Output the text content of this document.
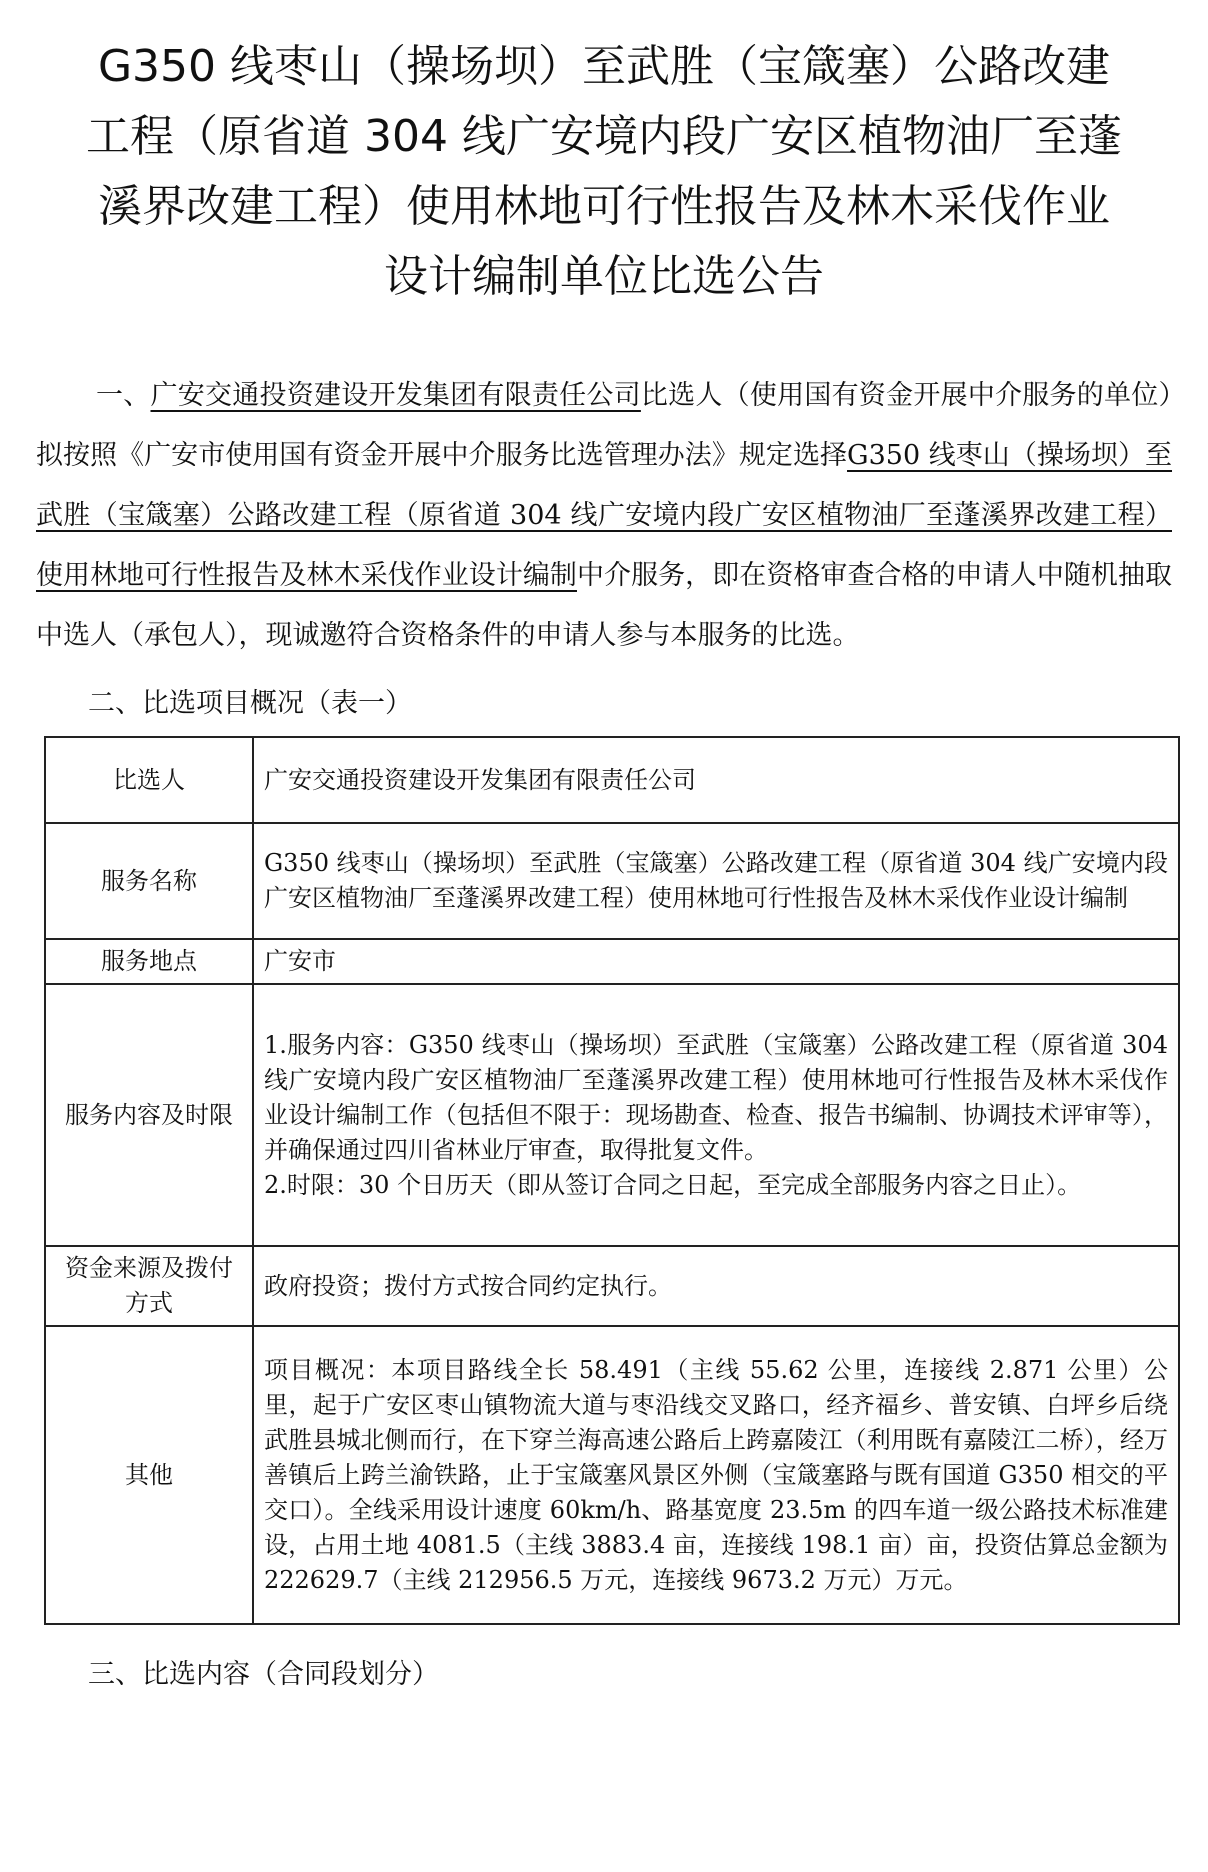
G350 线枣山（操场坝）至武胜（宝箴塞）公路改建
工程（原省道 304 线广安境内段广安区植物油厂至蓬
溪界改建工程）使用林地可行性报告及林木采伐作业
设计编制单位比选公告

一、广安交通投资建设开发集团有限责任公司比选人（使用国有资金开展中介服务的单位）拟按照《广安市使用国有资金开展中介服务比选管理办法》规定选择G350 线枣山（操场坝）至武胜（宝箴塞）公路改建工程（原省道 304 线广安境内段广安区植物油厂至蓬溪界改建工程）使用林地可行性报告及林木采伐作业设计编制中介服务，即在资格审查合格的申请人中随机抽取中选人（承包人），现诚邀符合资格条件的申请人参与本服务的比选。

二、比选项目概况（表一）
比选人	广安交通投资建设开发集团有限责任公司
服务名称	G350 线枣山（操场坝）至武胜（宝箴塞）公路改建工程（原省道 304 线广安境内段广安区植物油厂至蓬溪界改建工程）使用林地可行性报告及林木采伐作业设计编制
服务地点	广安市
服务内容及时限	1.服务内容：G350 线枣山（操场坝）至武胜（宝箴塞）公路改建工程（原省道 304 线广安境内段广安区植物油厂至蓬溪界改建工程）使用林地可行性报告及林木采伐作业设计编制工作（包括但不限于：现场勘查、检查、报告书编制、协调技术评审等），并确保通过四川省林业厅审查，取得批复文件。
2.时限：30 个日历天（即从签订合同之日起，至完成全部服务内容之日止）。

资金来源及拨付方式	政府投资；拨付方式按合同约定执行。
其他	项目概况：本项目路线全长 58.491（主线 55.62 公里，连接线 2.871 公里）公里，起于广安区枣山镇物流大道与枣沿线交叉路口，经齐福乡、普安镇、白坪乡后绕武胜县城北侧而行，在下穿兰海高速公路后上跨嘉陵江（利用既有嘉陵江二桥），经万善镇后上跨兰渝铁路，止于宝箴塞风景区外侧（宝箴塞路与既有国道 G350 相交的平交口）。全线采用设计速度 60km/h、路基宽度 23.5m 的四车道一级公路技术标准建设，占用土地 4081.5（主线 3883.4 亩，连接线 198.1 亩）亩，投资估算总金额为 222629.7（主线 212956.5 万元，连接线 9673.2 万元）万元。
三、比选内容（合同段划分）
